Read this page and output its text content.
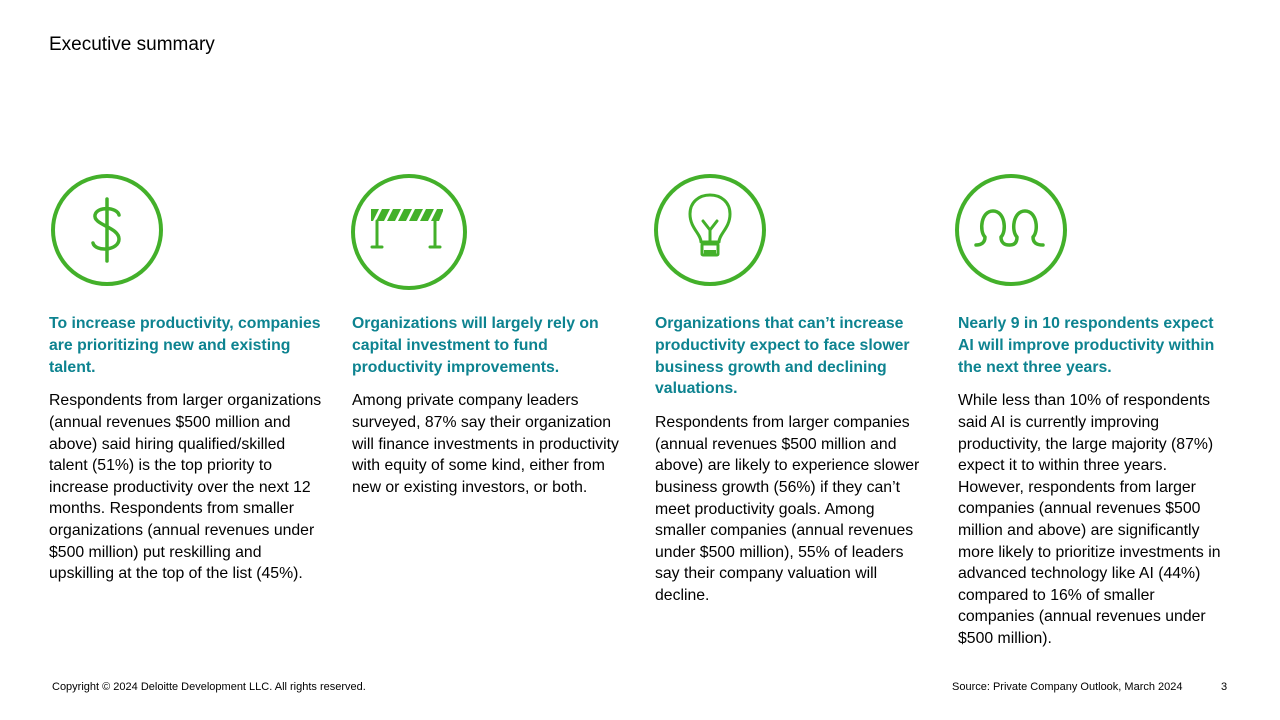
Executive summary
To increase productivity, companies are prioritizing new and existing talent.
Respondents from larger organizations (annual revenues $500 million and above) said hiring qualified/skilled talent (51%) is the top priority to increase productivity over the next 12 months. Respondents from smaller organizations (annual revenues under $500 million) put reskilling and upskilling at the top of the list (45%).
Organizations will largely rely on capital investment to fund productivity improvements.
Among private company leaders surveyed, 87% say their organization will finance investments in productivity with equity of some kind, either from new or existing investors, or both.
Organizations that can’t increase productivity expect to face slower business growth and declining valuations.
Respondents from larger companies (annual revenues $500 million and above) are likely to experience slower business growth (56%) if they can’t meet productivity goals. Among smaller companies (annual revenues under $500 million), 55% of leaders say their company valuation will decline.
Nearly 9 in 10 respondents expect AI will improve productivity within the next three years.
While less than 10% of respondents said AI is currently improving productivity, the large majority (87%) expect it to within three years. However, respondents from larger companies (annual revenues $500 million and above) are significantly more likely to prioritize investments in advanced technology like AI (44%) compared to 16% of smaller companies (annual revenues under $500 million).
Copyright © 2024 Deloitte Development LLC. All rights reserved.	Source: Private Company Outlook, March 2024	3
